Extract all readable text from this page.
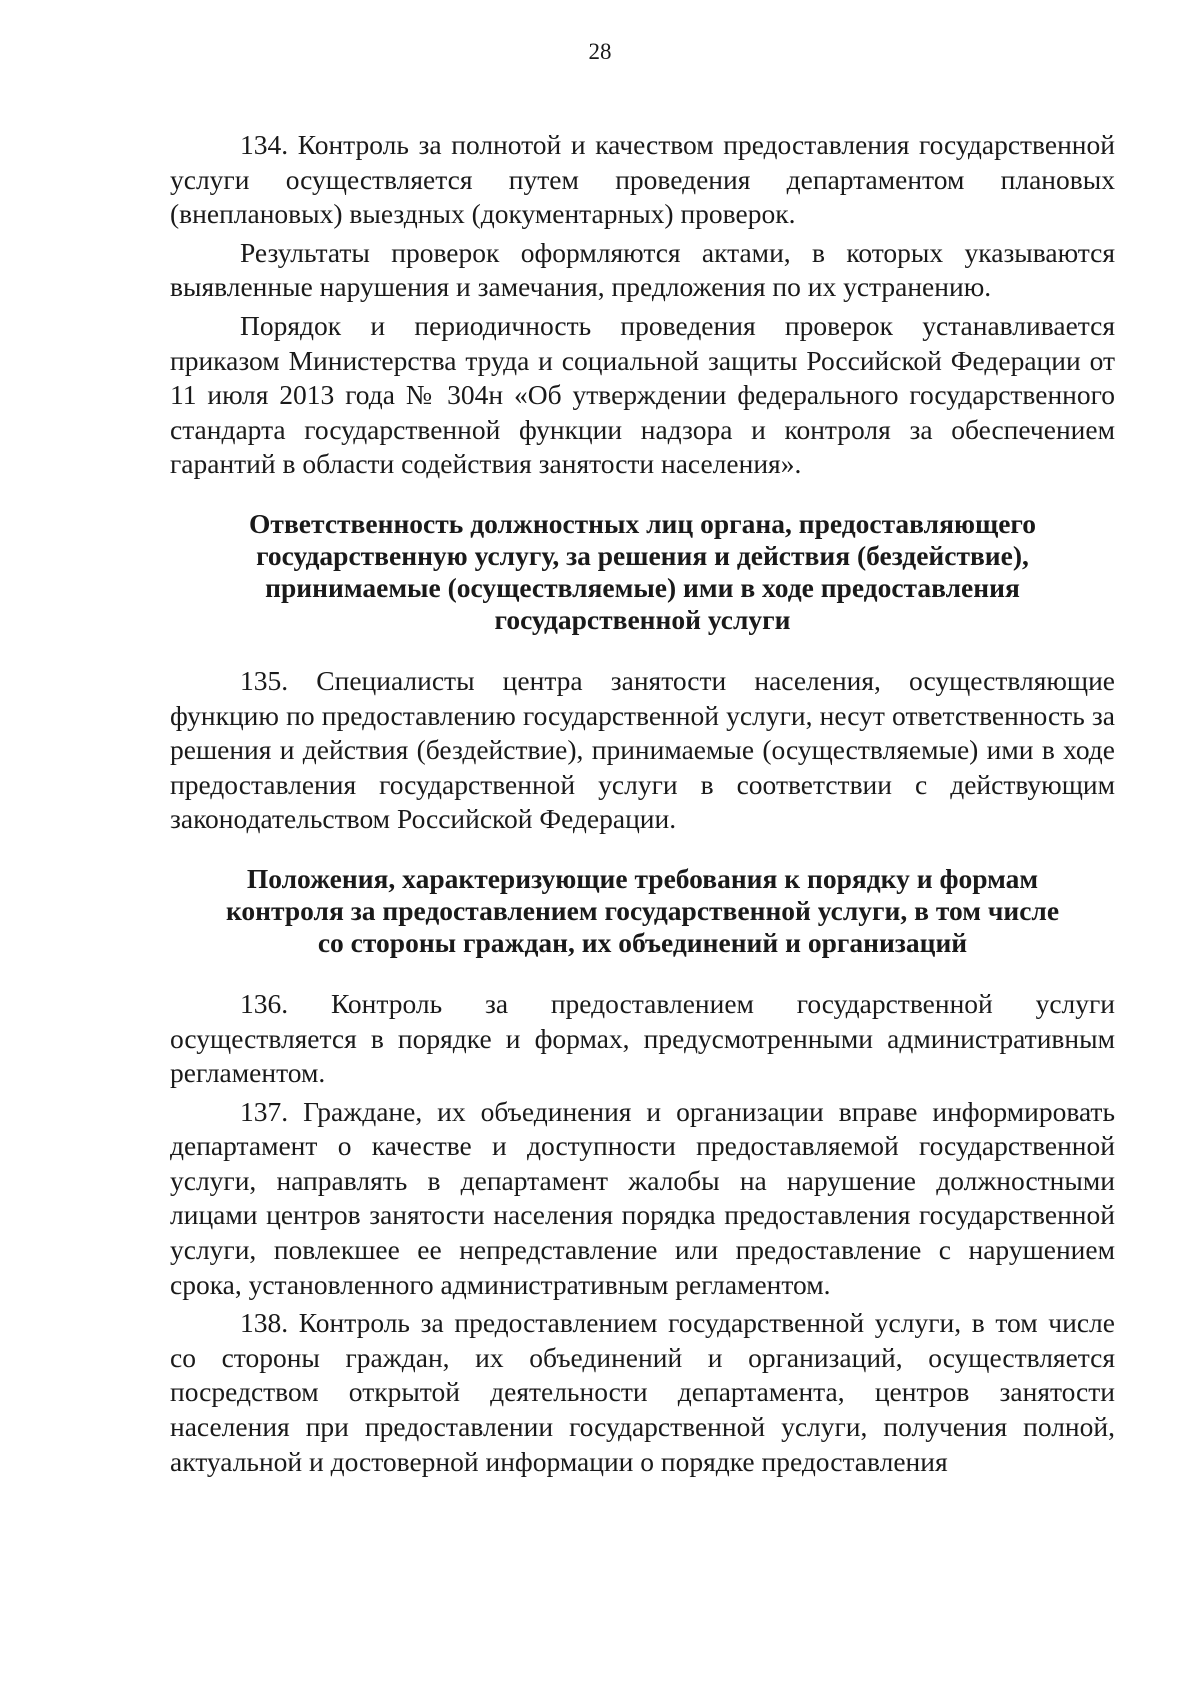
28

134. Контроль за полнотой и качеством предоставления государственной услуги осуществляется путем проведения департаментом плановых (внеплановых) выездных (документарных) проверок.

Результаты проверок оформляются актами, в которых указываются выявленные нарушения и замечания, предложения по их устранению.

Порядок и периодичность проведения проверок устанавливается приказом Министерства труда и социальной защиты Российской Федерации от 11 июля 2013 года № 304н «Об утверждении федерального государственного стандарта государственной функции надзора и контроля за обеспечением гарантий в области содействия занятости населения».

Ответственность должностных лиц органа, предоставляющего
государственную услугу, за решения и действия (бездействие),
принимаемые (осуществляемые) ими в ходе предоставления
государственной услуги

135. Специалисты центра занятости населения, осуществляющие функцию по предоставлению государственной услуги, несут ответственность за решения и действия (бездействие), принимаемые (осуществляемые) ими в ходе предоставления государственной услуги в соответствии с действующим законодательством Российской Федерации.

Положения, характеризующие требования к порядку и формам
контроля за предоставлением государственной услуги, в том числе
со стороны граждан, их объединений и организаций

136. Контроль за предоставлением государственной услуги осуществляется в порядке и формах, предусмотренными административным регламентом.

137. Граждане, их объединения и организации вправе информировать департамент о качестве и доступности предоставляемой государственной услуги, направлять в департамент жалобы на нарушение должностными лицами центров занятости населения порядка предоставления государственной услуги, повлекшее ее непредставление или предоставление с нарушением срока, установленного административным регламентом.

138. Контроль за предоставлением государственной услуги, в том числе со стороны граждан, их объединений и организаций, осуществляется посредством открытой деятельности департамента, центров занятости населения при предоставлении государственной услуги, получения полной, актуальной и достоверной информации о порядке предоставления
